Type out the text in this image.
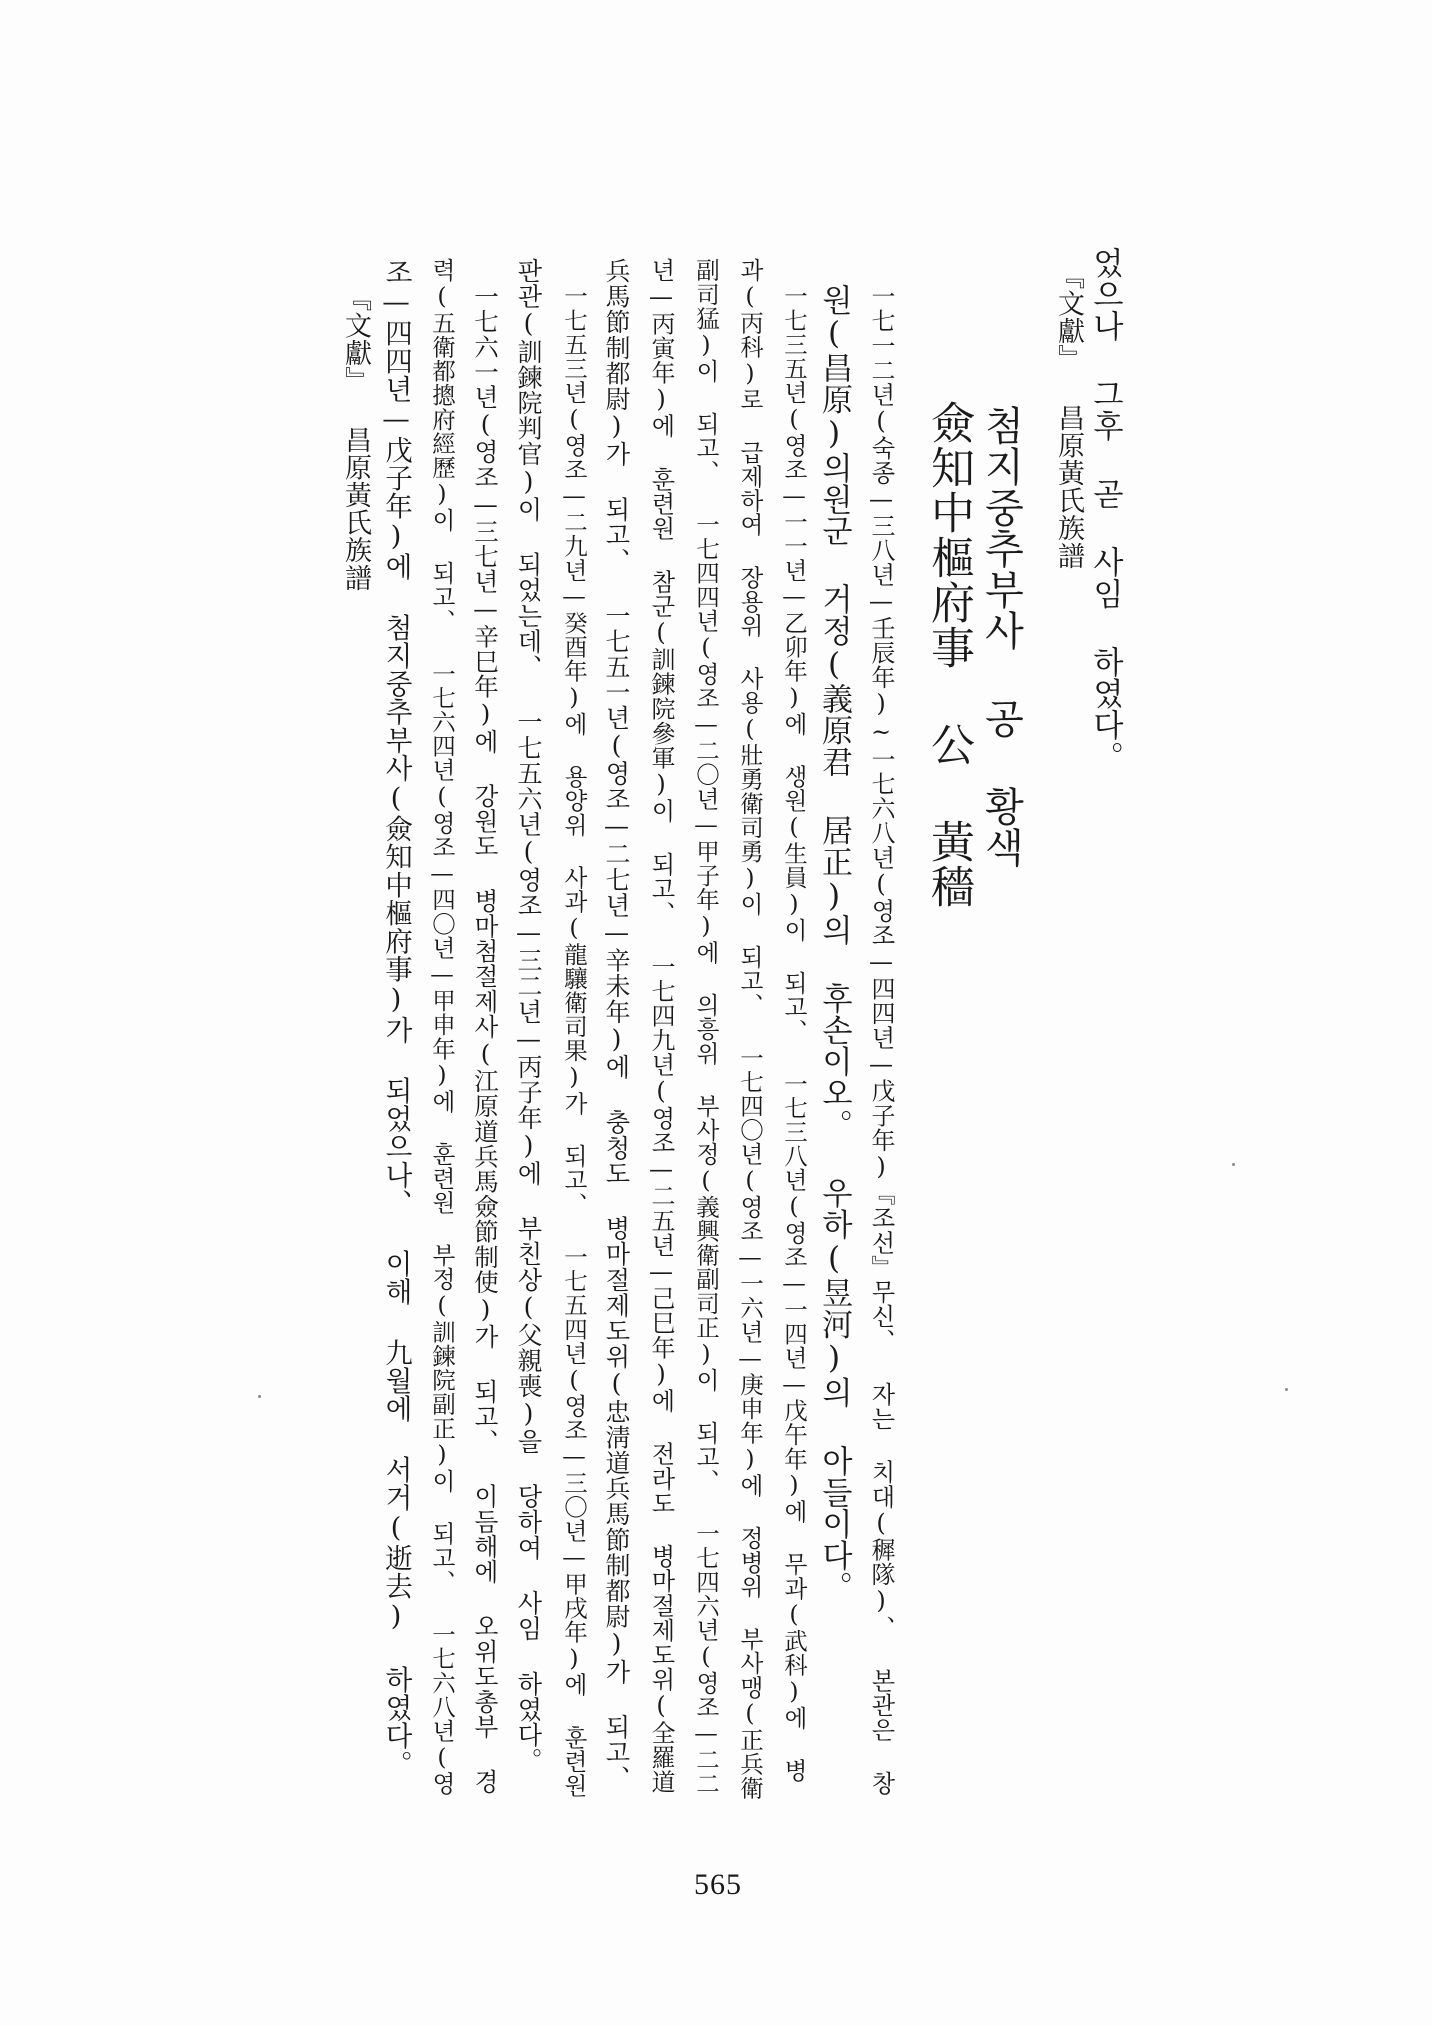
었으나 그후 곧 사임 하였다。
『文獻』 昌原黃氏族譜
첨지중추부사 공 황색
僉知中樞府事 公 黃穡
一七一二년(숙종—三八년—壬辰年)~一七六八년(영조—四四년—戊子年)『조선』무신、 자는 치대(穉隊)、 본관은 창
원(昌原)의원군 거정(義原君 居正)의 후손이오。 우하(昱河)의 아들이다。
一七三五년(영조—一一년—乙卯年)에 생원(生員)이 되고、 一七三八년(영조—一四년—戊午年)에 무과(武科)에 병
과(丙科)로 급제하여 장용위 사용(壯勇衛司勇)이 되고、 一七四〇년(영조—一六년—庚申年)에 정병위 부사맹(正兵衛
副司猛)이 되고、 一七四四년(영조—二〇년—甲子年)에 의흥위 부사정(義興衛副司正)이 되고、 一七四六년(영조—二二
년—丙寅年)에 훈련원 참군(訓鍊院參軍)이 되고、 一七四九년(영조—二五년—己巳年)에 전라도 병마절제도위(全羅道
兵馬節制都尉)가 되고、 一七五一년(영조—二七년—辛未年)에 충청도 병마절제도위(忠淸道兵馬節制都尉)가 되고、
一七五三년(영조—二九년—癸酉年)에 용양위 사과(龍驤衛司果)가 되고、 一七五四년(영조—三〇년—甲戌年)에 훈련원
판관(訓鍊院判官)이 되었는데、 一七五六년(영조—三二년—丙子年)에 부친상(父親喪)을 당하여 사임 하였다。
一七六一년(영조—三七년—辛巳年)에 강원도 병마첨절제사(江原道兵馬僉節制使)가 되고、 이듬해에 오위도총부 경
력(五衛都摠府經歷)이 되고、 一七六四년(영조—四〇년—甲申年)에 훈련원 부정(訓鍊院副正)이 되고、 一七六八년(영
조—四四년—戊子年)에 첨지중추부사(僉知中樞府事)가 되었으나、 이해 九월에 서거(逝去) 하였다。
『文獻』 昌原黃氏族譜
565
